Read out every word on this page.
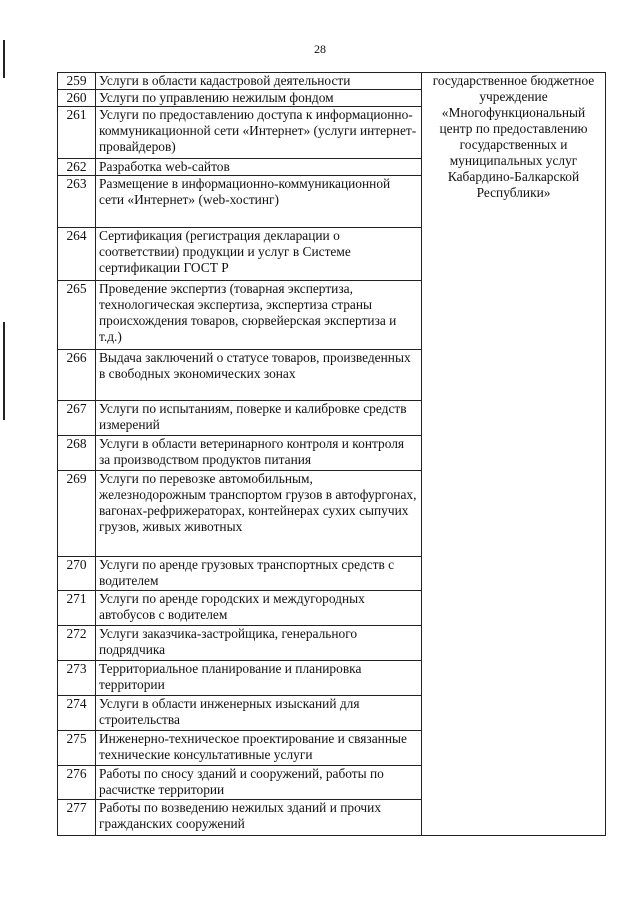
28
259	Услуги в области кадастровой деятельности	государственное бюджетное учреждение «Многофункциональный центр по предоставлению государственных и муниципальных услуг Кабардино-Балкарской Республики»
260	Услуги по управлению нежилым фондом	
261	Услуги по предоставлению доступа к информационно-коммуникационной сети «Интернет» (услуги интернет-провайдеров)	
262	Разработка web-сайтов	
263	Размещение в информационно-коммуникационной сети «Интернет» (web-хостинг)	
264	Сертификация (регистрация декларации о соответствии) продукции и услуг в Системе сертификации ГОСТ Р	
265	Проведение экспертиз (товарная экспертиза, технологическая экспертиза, экспертиза страны происхождения товаров, сюрвейерская экспертиза и т.д.)	
266	Выдача заключений о статусе товаров, произведенных в свободных экономических зонах	
267	Услуги по испытаниям, поверке и калибровке средств измерений	
268	Услуги в области ветеринарного контроля и контроля за производством продуктов питания	
269	Услуги по перевозке автомобильным, железнодорожным транспортом грузов в автофургонах, вагонах-рефрижераторах, контейнерах сухих сыпучих грузов, живых животных	
270	Услуги по аренде грузовых транспортных средств с водителем	
271	Услуги по аренде городских и междугородных автобусов с водителем	
272	Услуги заказчика-застройщика, генерального подрядчика	
273	Территориальное планирование и планировка территории	
274	Услуги в области инженерных изысканий для строительства	
275	Инженерно-техническое проектирование и связанные технические консультативные услуги	
276	Работы по сносу зданий и сооружений, работы по расчистке территории	
277	Работы по возведению нежилых зданий и прочих гражданских сооружений	
